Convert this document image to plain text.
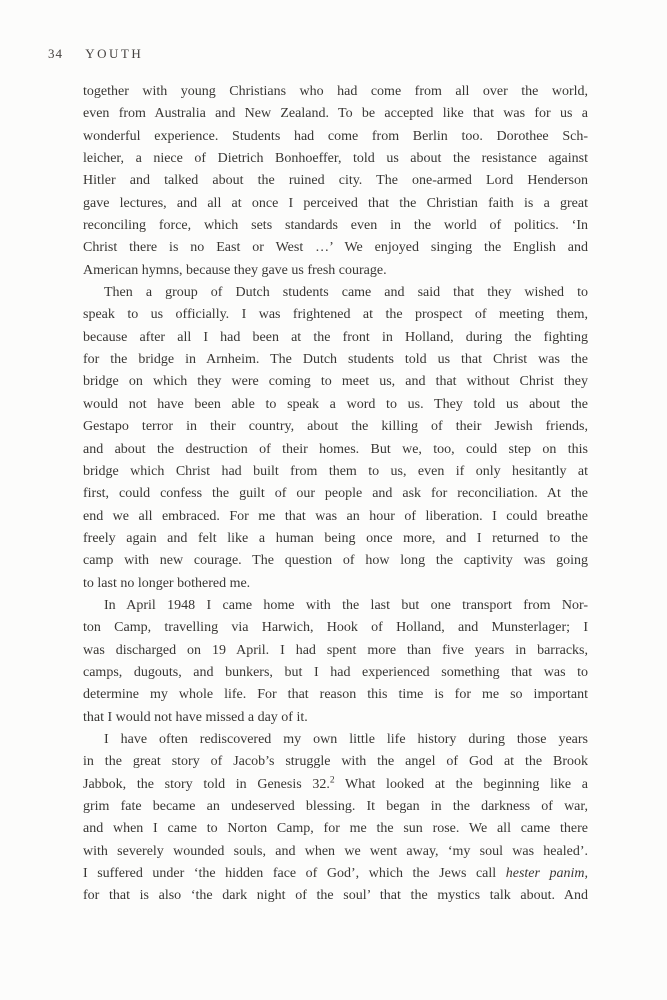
34 YOUTH
together with young Christians who had come from all over the world,
even from Australia and New Zealand. To be accepted like that was for us a
wonderful experience. Students had come from Berlin too. Dorothee Sch-
leicher, a niece of Dietrich Bonhoeffer, told us about the resistance against
Hitler and talked about the ruined city. The one-armed Lord Henderson
gave lectures, and all at once I perceived that the Christian faith is a great
reconciling force, which sets standards even in the world of politics. ‘In
Christ there is no East or West …’ We enjoyed singing the English and
American hymns, because they gave us fresh courage.
Then a group of Dutch students came and said that they wished to
speak to us officially. I was frightened at the prospect of meeting them,
because after all I had been at the front in Holland, during the fighting
for the bridge in Arnheim. The Dutch students told us that Christ was the
bridge on which they were coming to meet us, and that without Christ they
would not have been able to speak a word to us. They told us about the
Gestapo terror in their country, about the killing of their Jewish friends,
and about the destruction of their homes. But we, too, could step on this
bridge which Christ had built from them to us, even if only hesitantly at
first, could confess the guilt of our people and ask for reconciliation. At the
end we all embraced. For me that was an hour of liberation. I could breathe
freely again and felt like a human being once more, and I returned to the
camp with new courage. The question of how long the captivity was going
to last no longer bothered me.
In April 1948 I came home with the last but one transport from Nor-
ton Camp, travelling via Harwich, Hook of Holland, and Munsterlager; I
was discharged on 19 April. I had spent more than five years in barracks,
camps, dugouts, and bunkers, but I had experienced something that was to
determine my whole life. For that reason this time is for me so important
that I would not have missed a day of it.
I have often rediscovered my own little life history during those years
in the great story of Jacob’s struggle with the angel of God at the Brook
Jabbok, the story told in Genesis 32.$^2$ What looked at the beginning like a
grim fate became an undeserved blessing. It began in the darkness of war,
and when I came to Norton Camp, for me the sun rose. We all came there
with severely wounded souls, and when we went away, ‘my soul was healed’.
I suffered under ‘the hidden face of God’, which the Jews call hester panim,
for that is also ‘the dark night of the soul’ that the mystics talk about. And
